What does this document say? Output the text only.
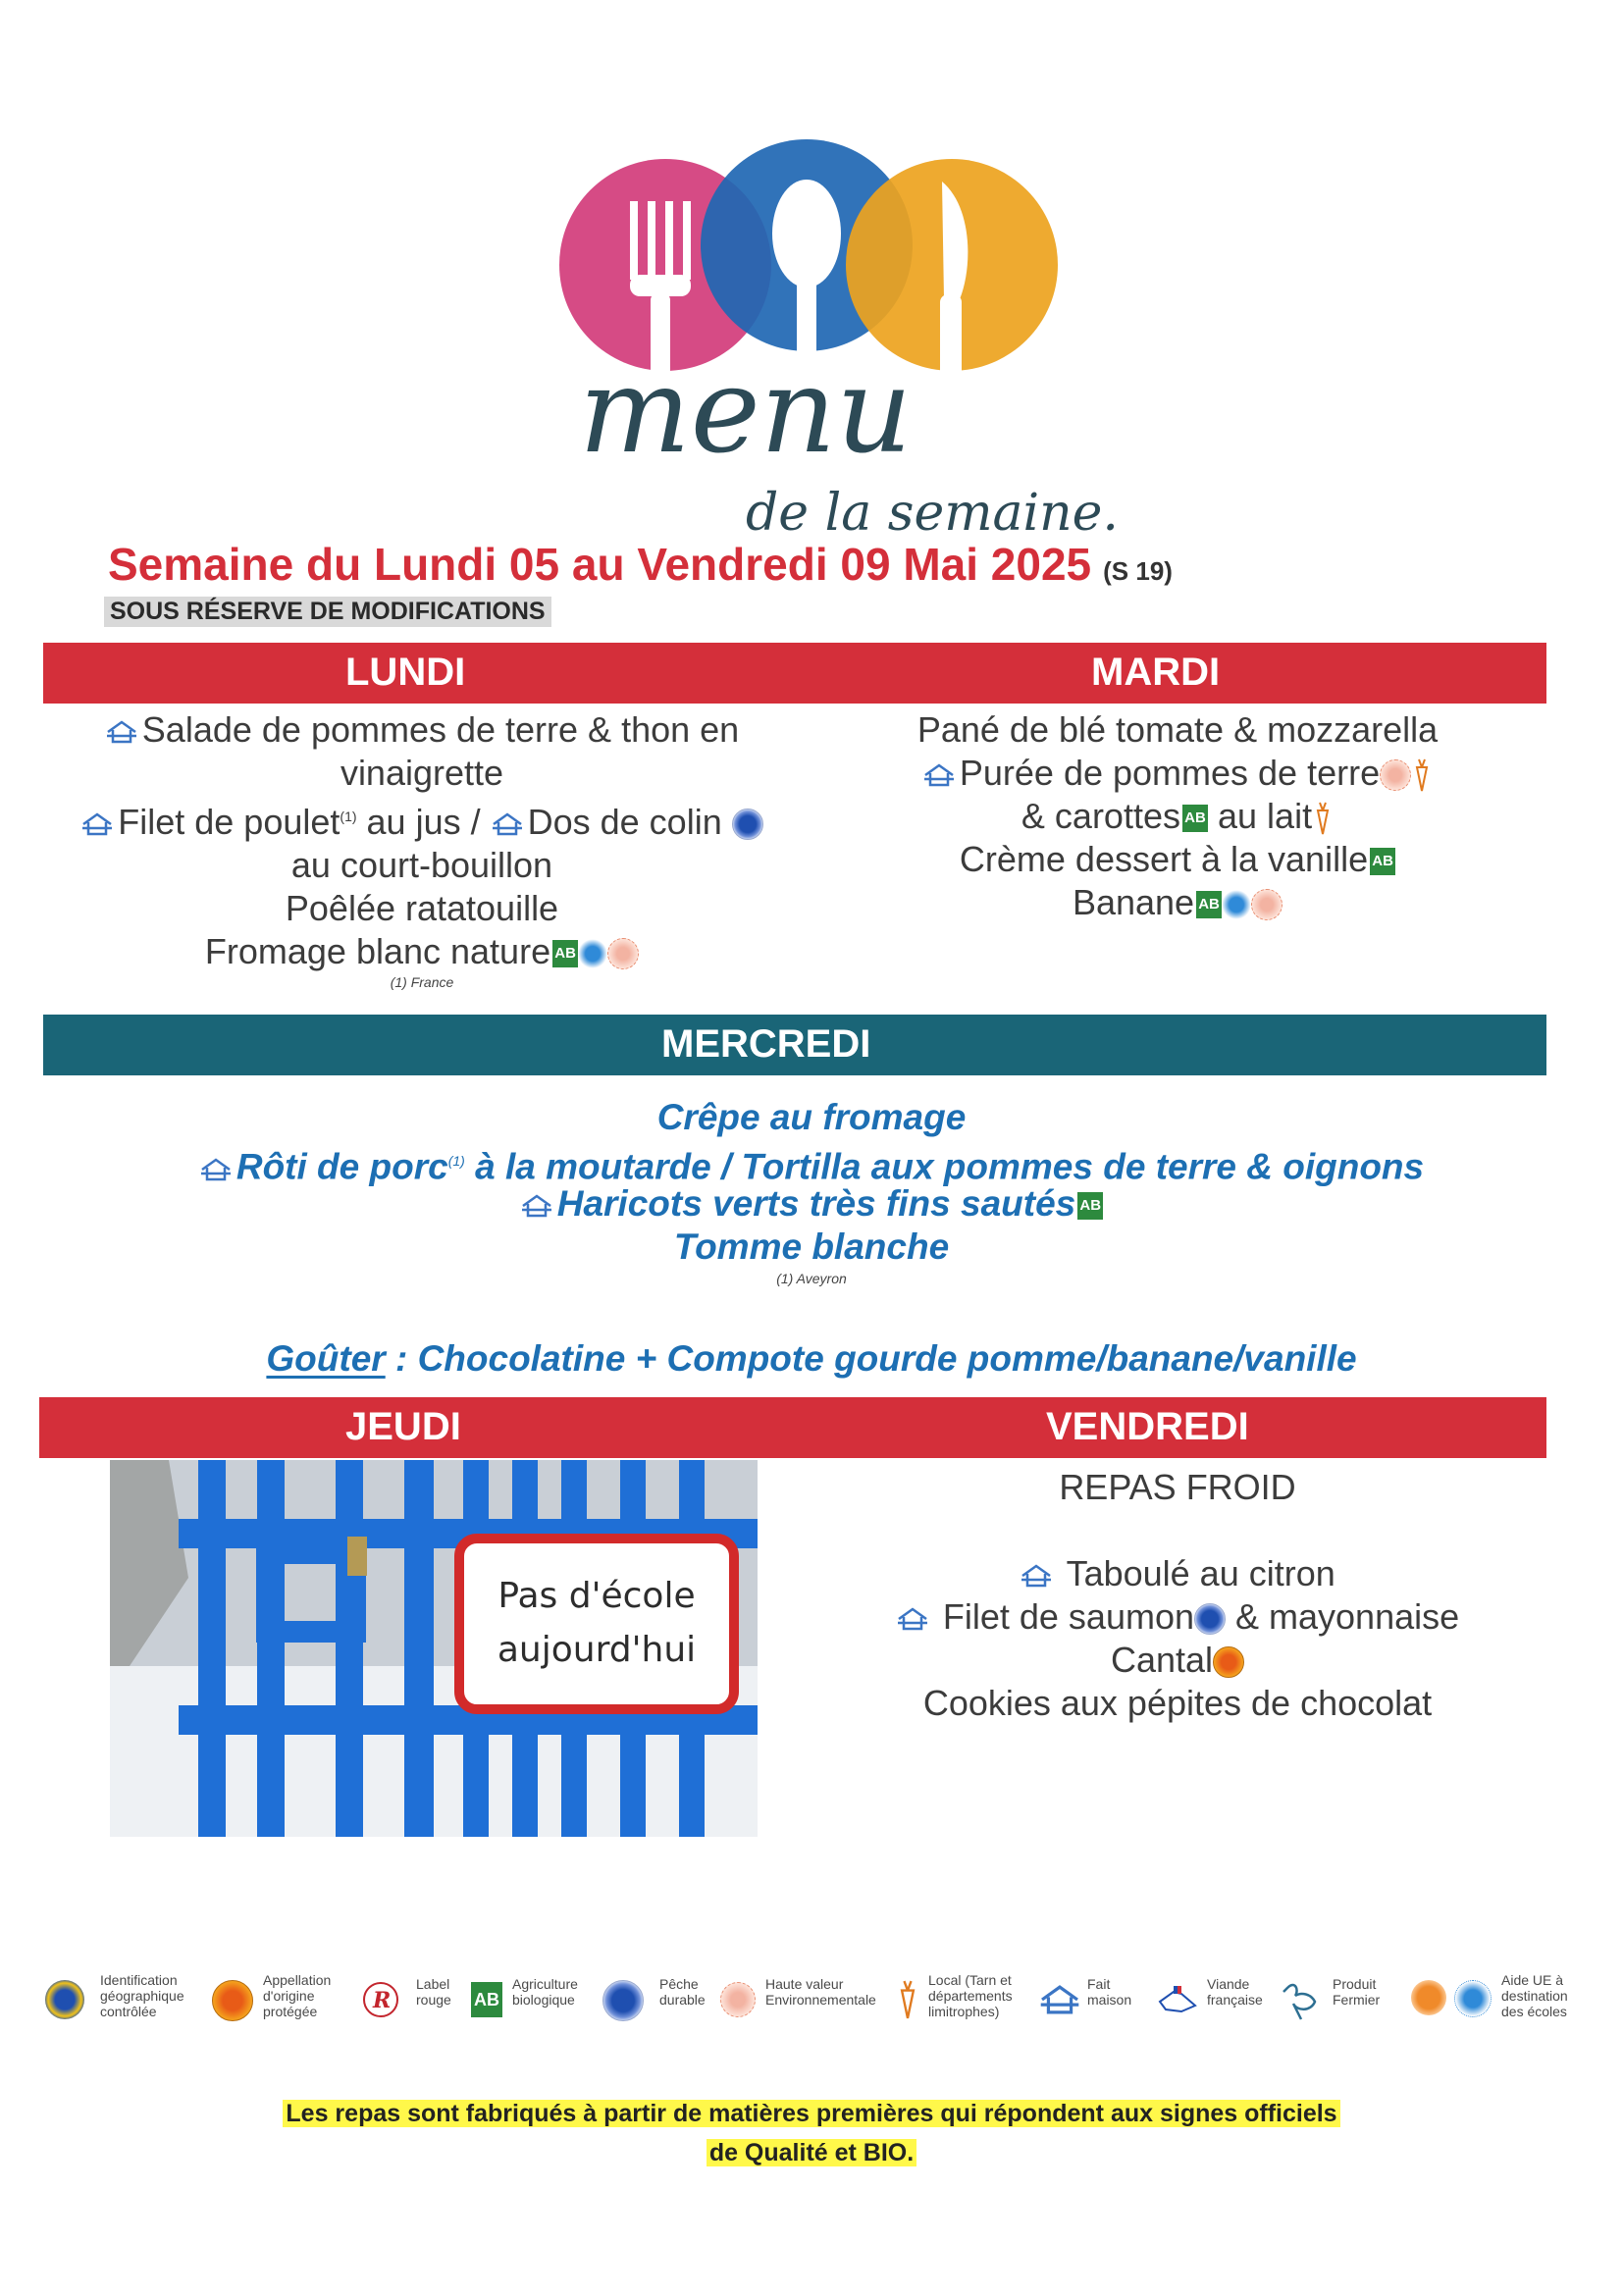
menu
de la semaine.
Semaine du Lundi 05 au Vendredi 09 Mai 2025 (S 19)
SOUS RÉSERVE DE MODIFICATIONS
LUNDI	MARDI
Salade de pommes de terre & thon en
vinaigrette
Filet de poulet$^{(1)}$ au jus / Dos de colin
au court-bouillon
Poêlée ratatouille
Fromage blanc nature AB
(1) France
Pané de blé tomate & mozzarella
Purée de pommes de terre
& carottes AB au lait
Crème dessert à la vanille AB
Banane AB
MERCREDI
Crêpe au fromage
Rôti de porc$^{(1)}$ à la moutarde / Tortilla aux pommes de terre & oignons
Haricots verts très fins sautés AB
Tomme blanche
(1) Aveyron
Goûter : Chocolatine + Compote gourde pomme/banane/vanille
JEUDI	VENDREDI
Pas d'école
aujourd'hui
REPAS FROID
Taboulé au citron
Filet de saumon & mayonnaise
Cantal
Cookies aux pépites de chocolat
Identification
géographique
contrôlée
Appellation
d'origine
protégée	R
Label
rouge AB
Agriculture
biologique
Pêche
durable
Haute valeur
Environnementale
Local (Tarn et
départements
limitrophes)
Fait
maison
Viande
française
Produit
Fermier
Aide UE à
destination
des écoles
Les repas sont fabriqués à partir de matières premières qui répondent aux signes officiels
de Qualité et BIO.
